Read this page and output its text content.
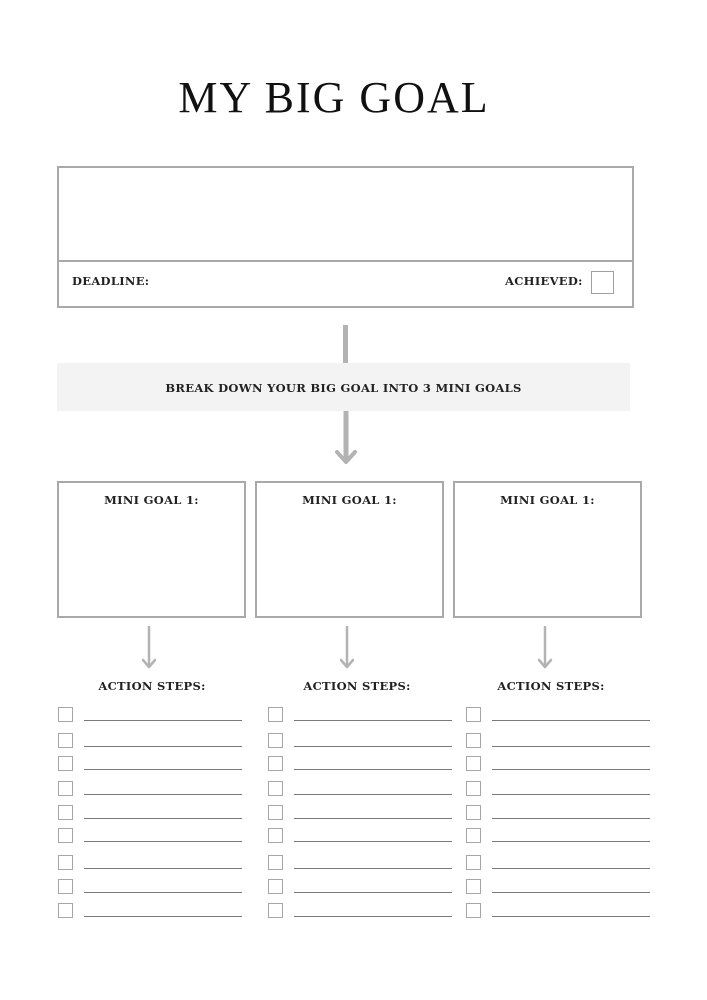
MY BIG GOAL
DEADLINE:	ACHIEVED:
BREAK DOWN YOUR BIG GOAL INTO 3 MINI GOALS
MINI GOAL 1:	MINI GOAL 1:	MINI GOAL 1:
ACTION STEPS:	ACTION STEPS:	ACTION STEPS:
